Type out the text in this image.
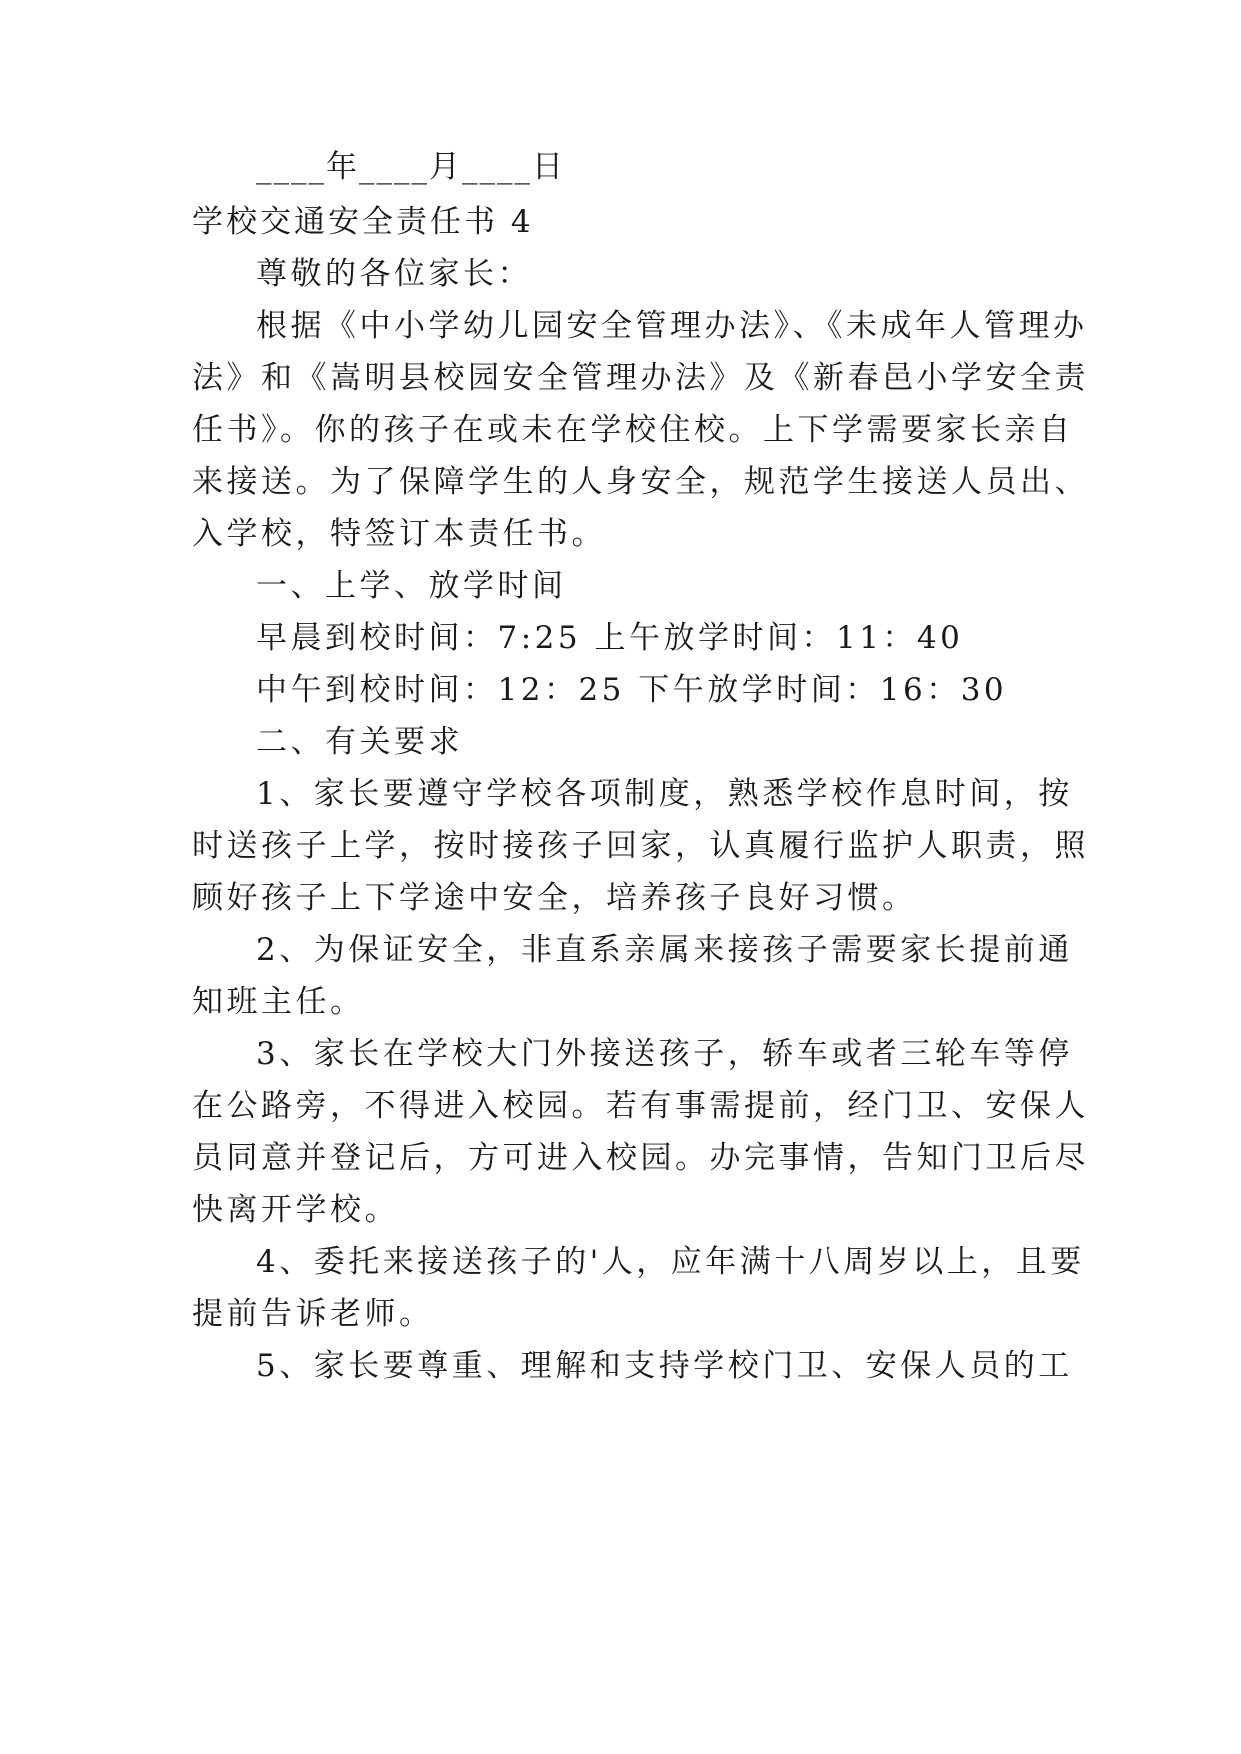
____年____月____日
学校交通安全责任书 4
尊敬的各位家长：
根据《中小学幼儿园安全管理办法》、《未成年人管理办
法》和《嵩明县校园安全管理办法》及《新春邑小学安全责
任书》。你的孩子在或未在学校住校。上下学需要家长亲自
来接送。为了保障学生的人身安全，规范学生接送人员出、
入学校，特签订本责任书。
一、上学、放学时间
早晨到校时间：7:25 上午放学时间：11：40
中午到校时间：12：25 下午放学时间：16：30
二、有关要求
1、家长要遵守学校各项制度，熟悉学校作息时间，按
时送孩子上学，按时接孩子回家，认真履行监护人职责，照
顾好孩子上下学途中安全，培养孩子良好习惯。
2、为保证安全，非直系亲属来接孩子需要家长提前通
知班主任。
3、家长在学校大门外接送孩子，轿车或者三轮车等停
在公路旁，不得进入校园。若有事需提前，经门卫、安保人
员同意并登记后，方可进入校园。办完事情，告知门卫后尽
快离开学校。
4、委托来接送孩子的'人，应年满十八周岁以上，且要
提前告诉老师。
5、家长要尊重、理解和支持学校门卫、安保人员的工
